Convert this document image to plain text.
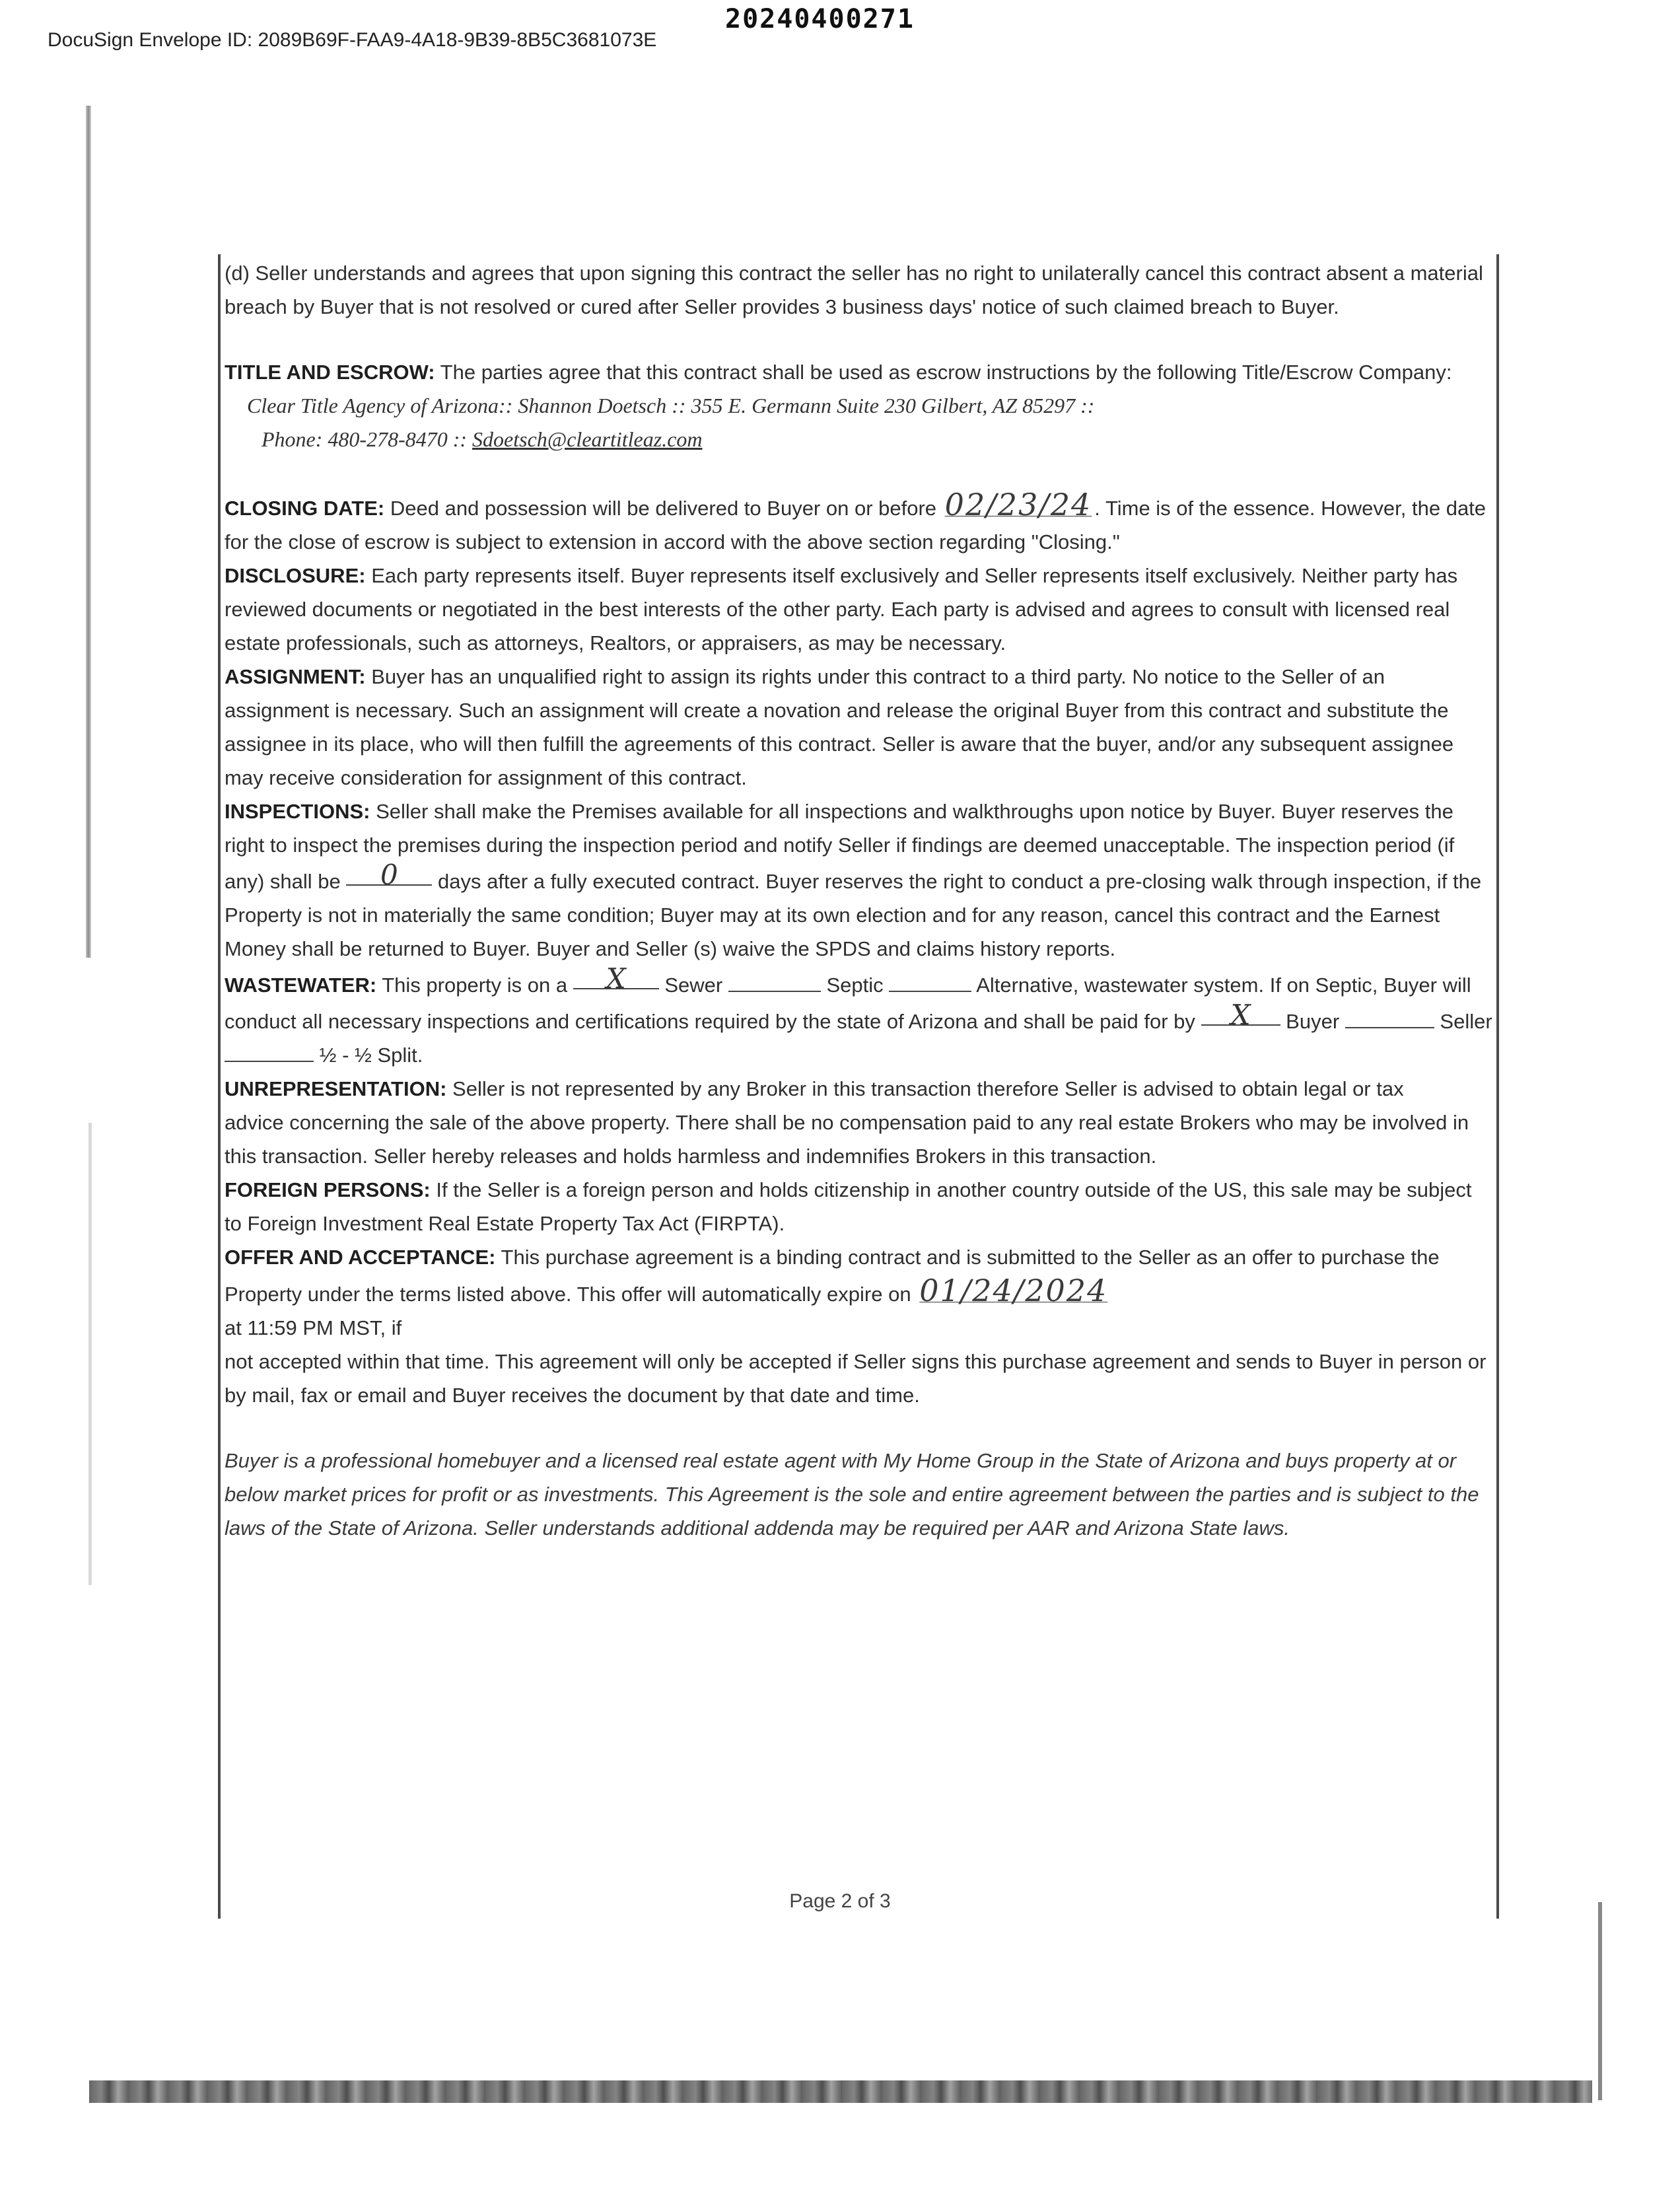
20240400271
DocuSign Envelope ID: 2089B69F-FAA9-4A18-9B39-8B5C3681073E

(d) Seller understands and agrees that upon signing this contract the seller has no right to unilaterally cancel this contract absent a material breach by Buyer that is not resolved or cured after Seller provides 3 business days' notice of such claimed breach to Buyer.

TITLE AND ESCROW: The parties agree that this contract shall be used as escrow instructions by the following Title/Escrow Company:

Clear Title Agency of Arizona:: Shannon Doetsch :: 355 E. Germann Suite 230 Gilbert, AZ 85297 ::

Phone: 480-278-8470 :: Sdoetsch@cleartitleaz.com

CLOSING DATE: Deed and possession will be delivered to Buyer on or before 02/23/24 . Time is of the essence. However, the date for the close of escrow is subject to extension in accord with the above section regarding "Closing."

DISCLOSURE: Each party represents itself. Buyer represents itself exclusively and Seller represents itself exclusively. Neither party has reviewed documents or negotiated in the best interests of the other party. Each party is advised and agrees to consult with licensed real estate professionals, such as attorneys, Realtors, or appraisers, as may be necessary.

ASSIGNMENT: Buyer has an unqualified right to assign its rights under this contract to a third party. No notice to the Seller of an assignment is necessary. Such an assignment will create a novation and release the original Buyer from this contract and substitute the assignee in its place, who will then fulfill the agreements of this contract. Seller is aware that the buyer, and/or any subsequent assignee may receive consideration for assignment of this contract.

INSPECTIONS: Seller shall make the Premises available for all inspections and walkthroughs upon notice by Buyer. Buyer reserves the right to inspect the premises during the inspection period and notify Seller if findings are deemed unacceptable. The inspection period (if any) shall be 0 days after a fully executed contract. Buyer reserves the right to conduct a pre-closing walk through inspection, if the Property is not in materially the same condition; Buyer may at its own election and for any reason, cancel this contract and the Earnest Money shall be returned to Buyer. Buyer and Seller (s) waive the SPDS and claims history reports.

WASTEWATER: This property is on a X Sewer	Septic	Alternative, wastewater system. If on Septic, Buyer will conduct all necessary inspections and certifications required by the state of Arizona and shall be paid for by X Buyer	Seller  ½ - ½ Split.

UNREPRESENTATION: Seller is not represented by any Broker in this transaction therefore Seller is advised to obtain legal or tax

advice concerning the sale of the above property. There shall be no compensation paid to any real estate Brokers who may be involved in this transaction. Seller hereby releases and holds harmless and indemnifies Brokers in this transaction.

FOREIGN PERSONS: If the Seller is a foreign person and holds citizenship in another country outside of the US, this sale may be subject to Foreign Investment Real Estate Property Tax Act (FIRPTA).

OFFER AND ACCEPTANCE: This purchase agreement is a binding contract and is submitted to the Seller as an offer to purchase the Property under the terms listed above. This offer will automatically expire on 01/24/2024

at 11:59 PM MST, if

not accepted within that time. This agreement will only be accepted if Seller signs this purchase agreement and sends to Buyer in person or by mail, fax or email and Buyer receives the document by that date and time.

Buyer is a professional homebuyer and a licensed real estate agent with My Home Group in the State of Arizona and buys property at or below market prices for profit or as investments. This Agreement is the sole and entire agreement between the parties and is subject to the laws of the State of Arizona. Seller understands additional addenda may be required per AAR and Arizona State laws.

Page 2 of 3
